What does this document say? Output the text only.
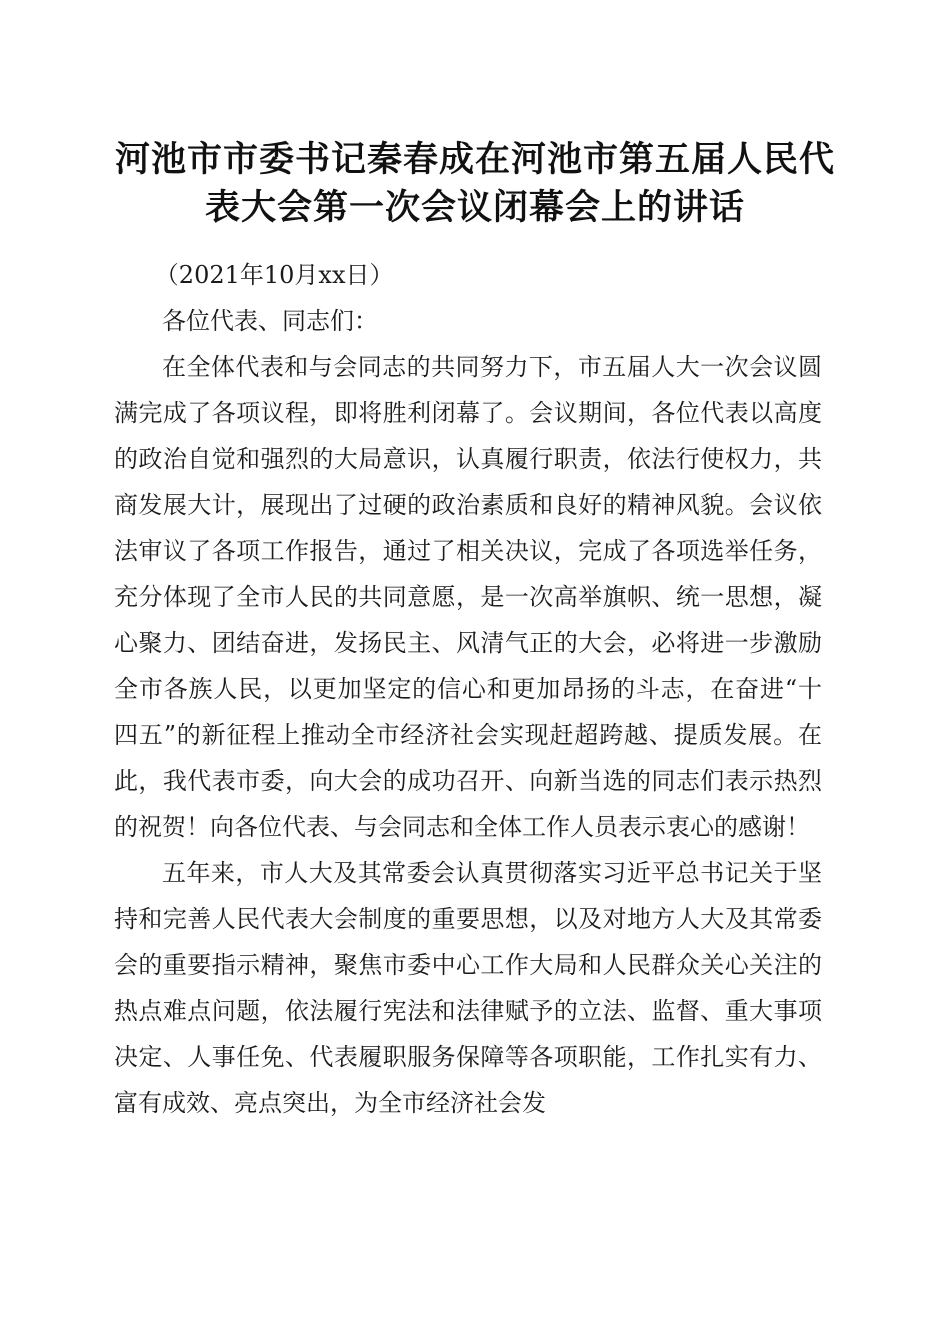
河池市市委书记秦春成在河池市第五届人民代表大会第一次会议闭幕会上的讲话

（2021年10月xx日）

各位代表、同志们：

在全体代表和与会同志的共同努力下，市五届人大一次会议圆满完成了各项议程，即将胜利闭幕了。会议期间，各位代表以高度的政治自觉和强烈的大局意识，认真履行职责，依法行使权力，共商发展大计，展现出了过硬的政治素质和良好的精神风貌。会议依法审议了各项工作报告，通过了相关决议，完成了各项选举任务，充分体现了全市人民的共同意愿，是一次高举旗帜、统一思想，凝心聚力、团结奋进，发扬民主、风清气正的大会，必将进一步激励全市各族人民，以更加坚定的信心和更加昂扬的斗志，在奋进“十四五”的新征程上推动全市经济社会实现赶超跨越、提质发展。在此，我代表市委，向大会的成功召开、向新当选的同志们表示热烈的祝贺！向各位代表、与会同志和全体工作人员表示衷心的感谢！

五年来，市人大及其常委会认真贯彻落实习近平总书记关于坚持和完善人民代表大会制度的重要思想，以及对地方人大及其常委会的重要指示精神，聚焦市委中心工作大局和人民群众关心关注的热点难点问题，依法履行宪法和法律赋予的立法、监督、重大事项决定、人事任免、代表履职服务保障等各项职能，工作扎实有力、富有成效、亮点突出，为全市经济社会发
